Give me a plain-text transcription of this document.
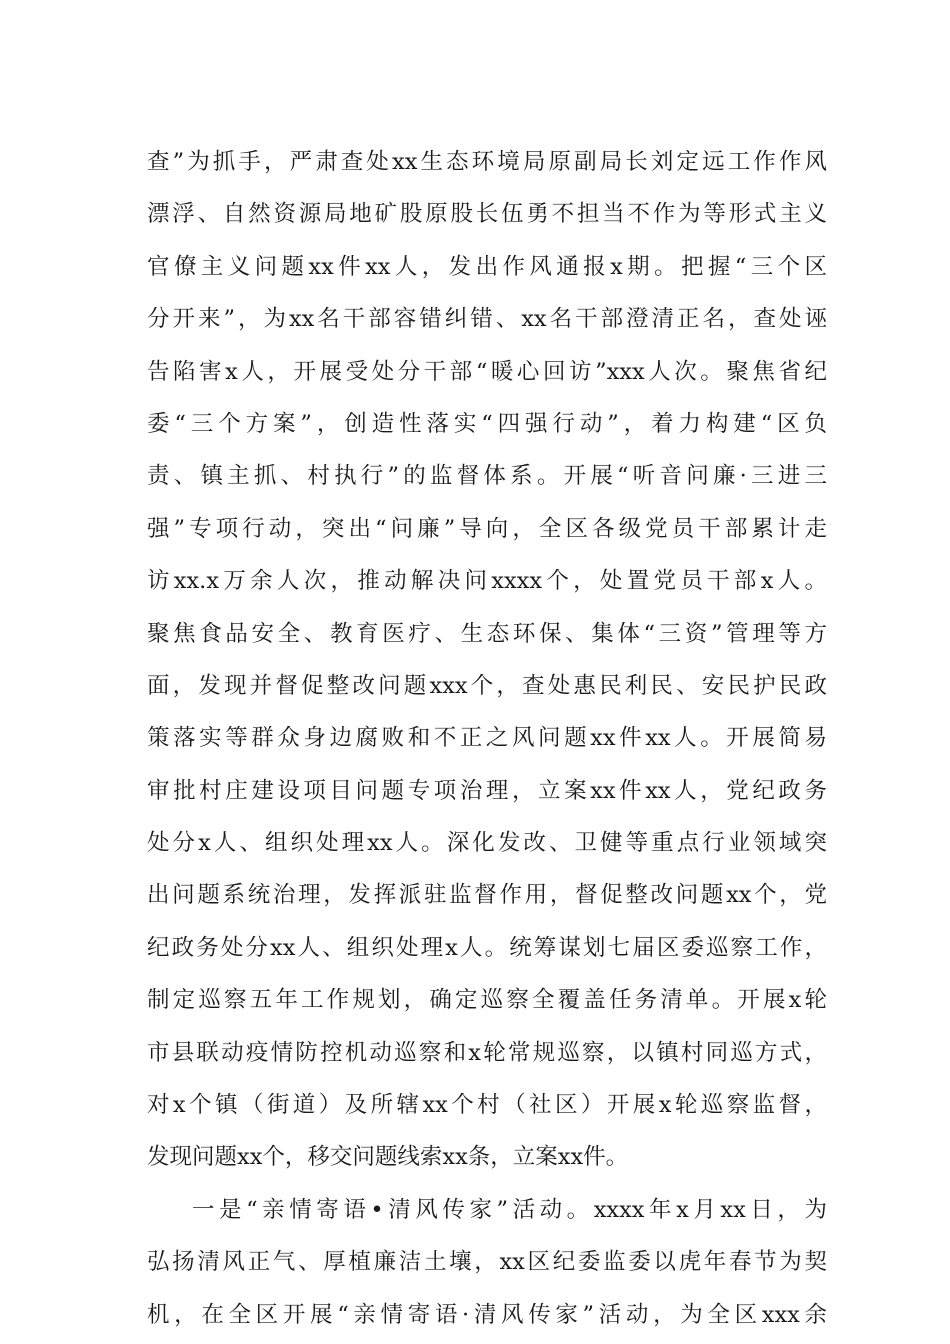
查”为抓手，严肃查处xx生态环境局原副局长刘定远工作作风
漂浮、自然资源局地矿股原股长伍勇不担当不作为等形式主义
官僚主义问题xx件xx人，发出作风通报x期。把握“三个区
分开来”，为xx名干部容错纠错、xx名干部澄清正名，查处诬
告陷害x人，开展受处分干部“暖心回访”xxx人次。聚焦省纪
委“三个方案”，创造性落实“四强行动”，着力构建“区负
责、镇主抓、村执行”的监督体系。开展“听音问廉·三进三
强”专项行动，突出“问廉”导向，全区各级党员干部累计走
访xx.x万余人次，推动解决问xxxx个，处置党员干部x人。
聚焦食品安全、教育医疗、生态环保、集体“三资”管理等方
面，发现并督促整改问题xxx个，查处惠民利民、安民护民政
策落实等群众身边腐败和不正之风问题xx件xx人。开展简易
审批村庄建设项目问题专项治理，立案xx件xx人，党纪政务
处分x人、组织处理xx人。深化发改、卫健等重点行业领域突
出问题系统治理，发挥派驻监督作用，督促整改问题xx个，党
纪政务处分xx人、组织处理x人。统筹谋划七届区委巡察工作，
制定巡察五年工作规划，确定巡察全覆盖任务清单。开展x轮
市县联动疫情防控机动巡察和x轮常规巡察，以镇村同巡方式，
对x个镇（街道）及所辖xx个村（社区）开展x轮巡察监督，
发现问题xx个，移交问题线索xx条，立案xx件。
一是“亲情寄语•清风传家”活动。xxxx年x月xx日，为
弘扬清风正气、厚植廉洁土壤，xx区纪委监委以虎年春节为契
机，在全区开展“亲情寄语·清风传家”活动，为全区xxx余
